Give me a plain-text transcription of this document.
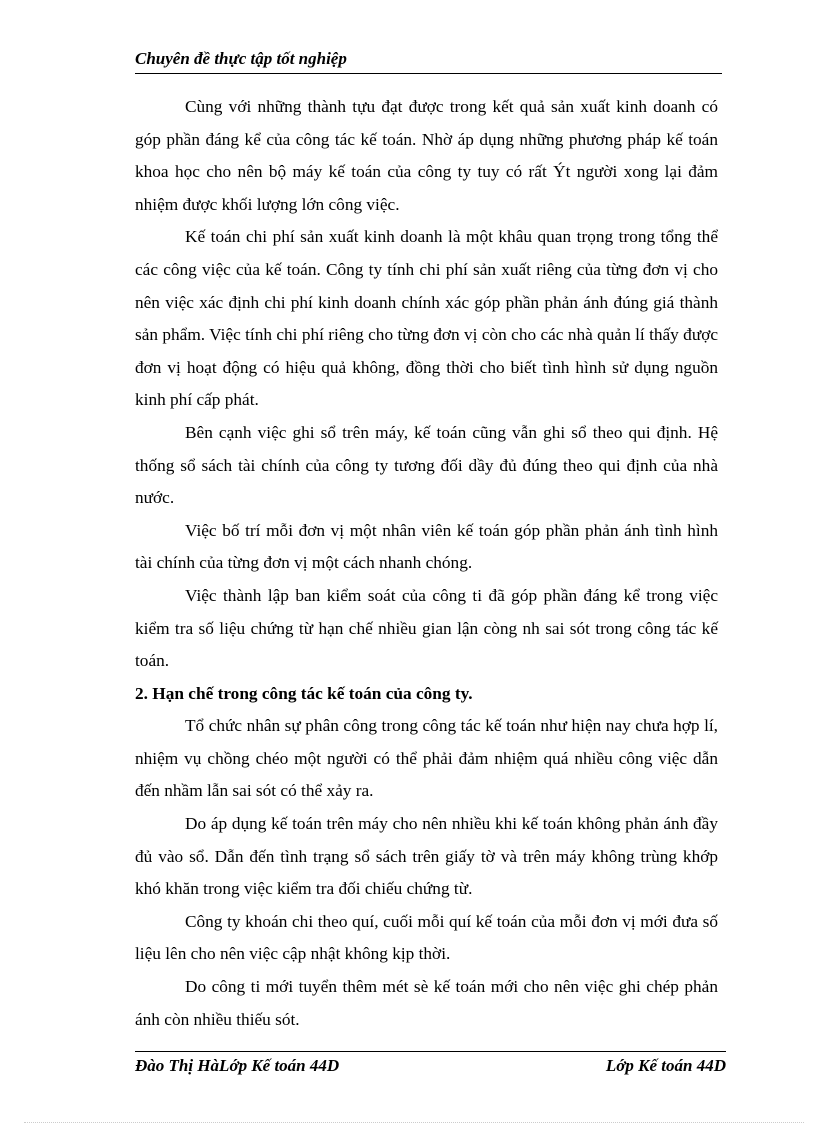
Chuyên đề thực tập tốt nghiệp

Cùng với những thành tựu đạt được trong kết quả sản xuất kinh doanh có góp phần đáng kể của công tác kế toán. Nhờ áp dụng những phương pháp kế toán khoa học cho nên bộ máy kế toán của công ty tuy có rất Ýt người xong lại đảm nhiệm được khối lượng lớn công việc.

Kế toán chi phí sản xuất kinh doanh là một khâu quan trọng trong tổng thể các công việc của kế toán. Công ty tính chi phí sản xuất riêng của từng đơn vị cho nên việc xác định chi phí kinh doanh chính xác góp phần phản ánh đúng giá thành sản phẩm. Việc tính chi phí riêng cho từng đơn vị còn cho các nhà quản lí thấy được đơn vị hoạt động có hiệu quả không, đồng thời cho biết tình hình sử dụng nguồn kinh phí cấp phát.

Bên cạnh việc ghi sổ trên máy, kế toán cũng vẫn ghi sổ theo qui định. Hệ thống sổ sách tài chính của công ty tương đối dầy đủ đúng theo qui định của nhà nước.

Việc bố trí mỗi đơn vị một nhân viên kế toán góp phần phản ánh tình hình tài chính của từng đơn vị một cách nhanh chóng.

Việc thành lập ban kiểm soát của công ti đã góp phần đáng kể trong việc kiểm tra số liệu chứng từ hạn chế nhiều gian lận còng nh sai sót trong công tác kế toán.

2. Hạn chế trong công tác kế toán của công ty.

Tổ chức nhân sự phân công trong công tác kế toán như hiện nay chưa hợp lí, nhiệm vụ chồng chéo một người có thể phải đảm nhiệm quá nhiều công việc dẫn đến nhầm lẫn sai sót có thể xảy ra.

Do áp dụng kế toán trên máy cho nên nhiều khi kế toán không phản ánh đầy đủ vào sổ. Dẫn đến tình trạng sổ sách trên giấy tờ và trên máy không trùng khớp khó khăn trong việc kiểm tra đối chiếu chứng từ.

Công ty khoán chi theo quí, cuối mỗi quí kế toán của mỗi đơn vị mới đưa số liệu lên cho nên việc cập nhật không kịp thời.

Do công ti mới tuyển thêm mét sè kế toán mới cho nên việc ghi chép phản ánh còn nhiều thiếu sót.

Đào Thị HàLớp Kế toán 44D	Lớp Kế toán 44D
